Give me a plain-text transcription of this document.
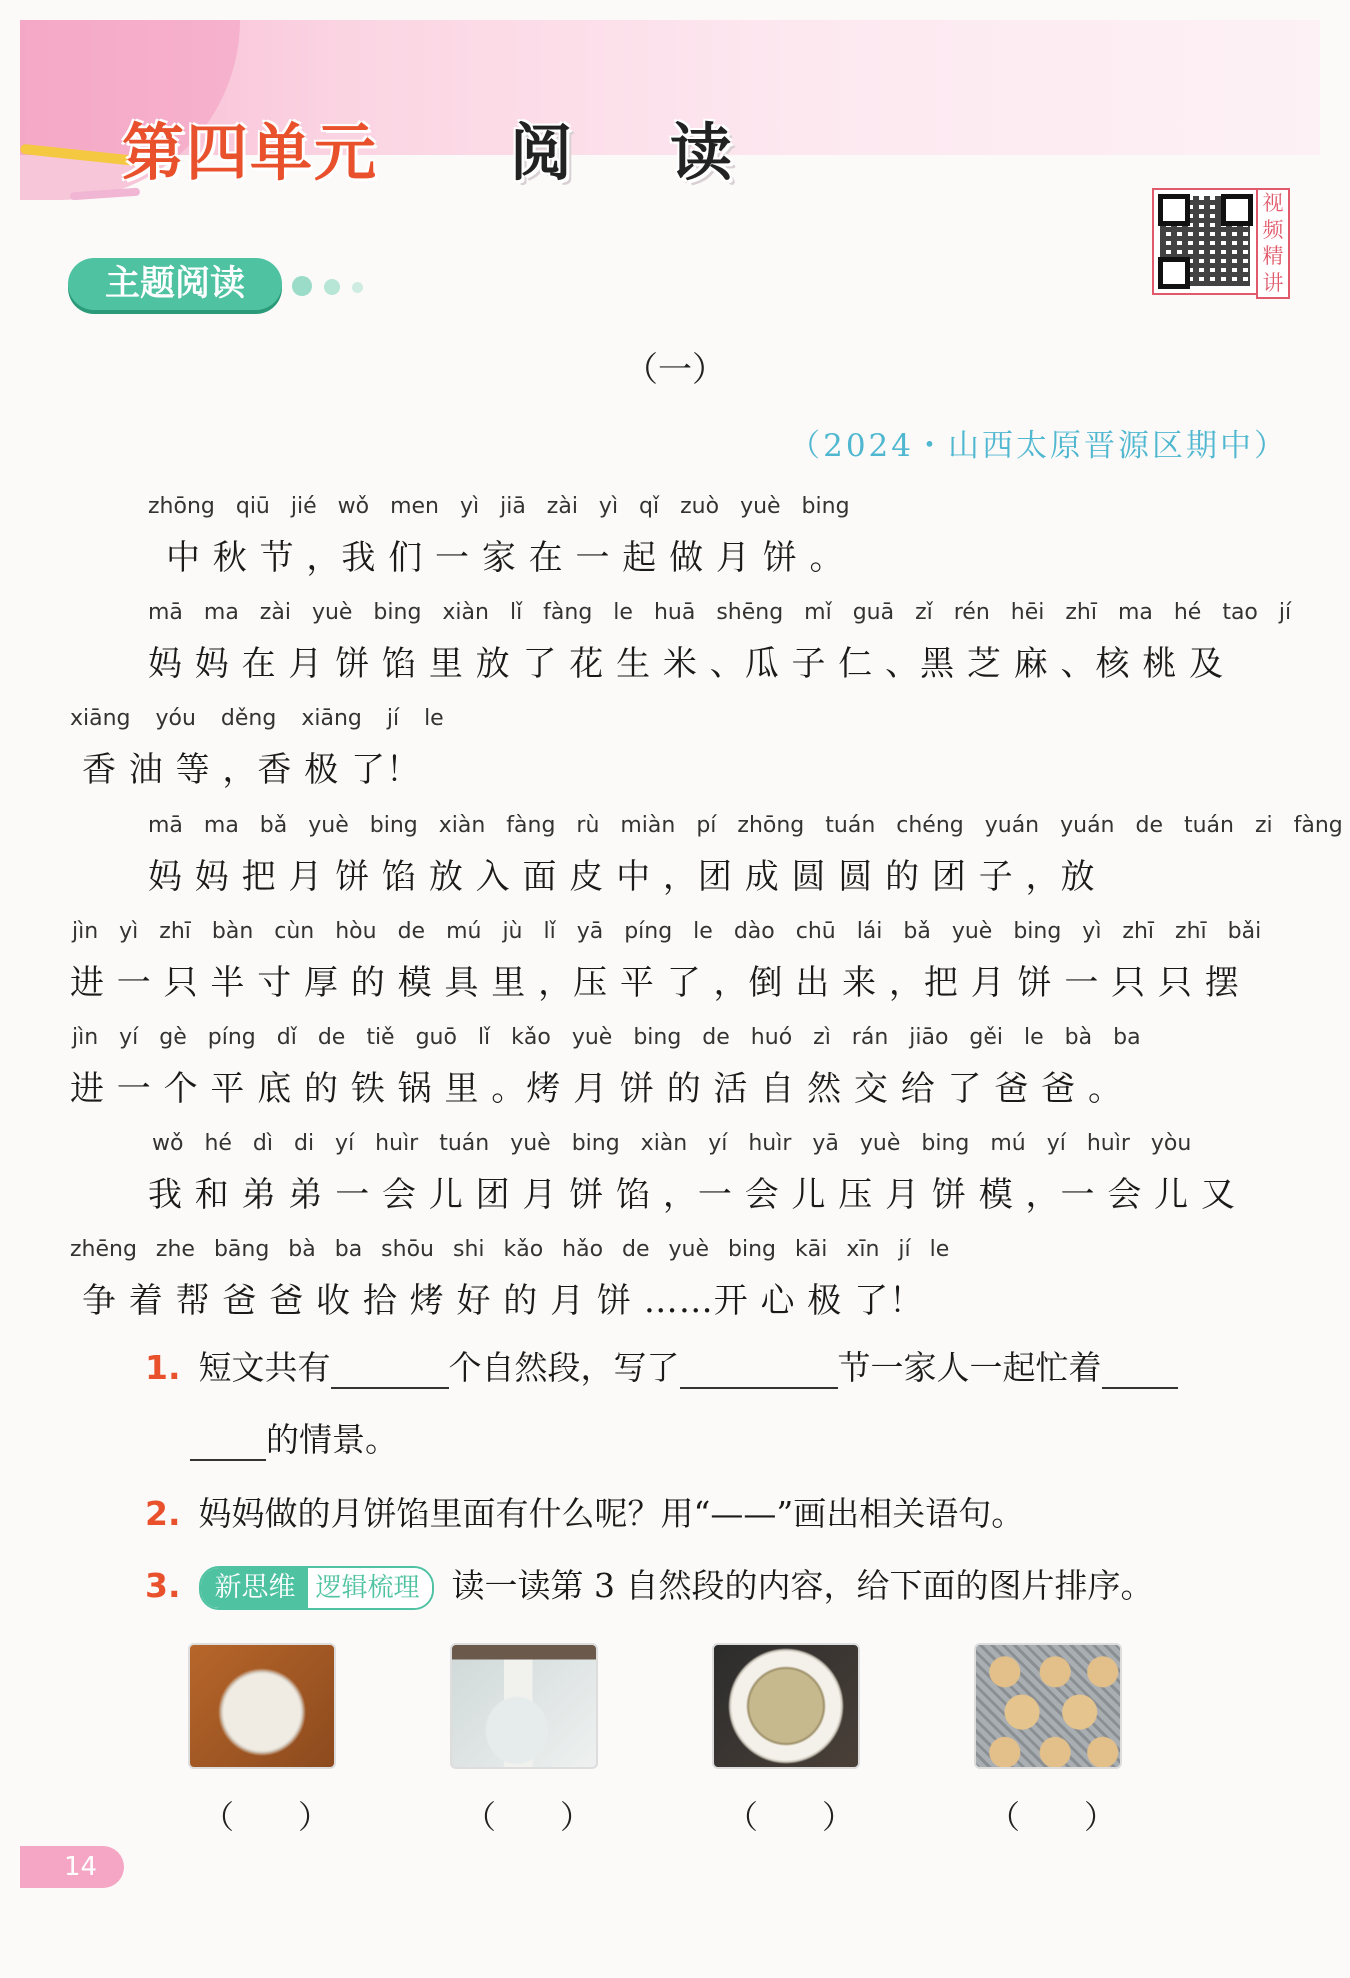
第四单元 阅 读
视
频
精
讲
主题阅读
（一）
（2024・山西太原晋源区期中）
zhōng qiū jié wǒ men yì jiā zài yì qǐ zuò yuè bing
中 秋 节 ，我 们 一 家 在 一 起 做 月 饼 。
mā ma zài yuè bing xiàn lǐ fàng le huā shēng mǐ guā zǐ rén hēi zhī ma hé tao jí
妈 妈 在 月 饼 馅 里 放 了 花 生 米 、瓜 子 仁 、黑 芝 麻 、核 桃 及
xiāng yóu děng xiāng jí le
香 油 等 ，香 极 了！
mā ma bǎ yuè bing xiàn fàng rù miàn pí zhōng tuán chéng yuán yuán de tuán zi fàng
妈 妈 把 月 饼 馅 放 入 面 皮 中 ，团 成 圆 圆 的 团 子 ，放
jìn yì zhī bàn cùn hòu de mú jù lǐ yā píng le dào chū lái bǎ yuè bing yì zhī zhī bǎi
进 一 只 半 寸 厚 的 模 具 里 ，压 平 了 ，倒 出 来 ，把 月 饼 一 只 只 摆
jìn yí gè píng dǐ de tiě guō lǐ kǎo yuè bing de huó zì rán jiāo gěi le bà ba
进 一 个 平 底 的 铁 锅 里 。烤 月 饼 的 活 自 然 交 给 了 爸 爸 。
wǒ hé dì di yí huìr tuán yuè bing xiàn yí huìr yā yuè bing mú yí huìr yòu
我 和 弟 弟 一 会 儿 团 月 饼 馅 ，一 会 儿 压 月 饼 模 ，一 会 儿 又
zhēng zhe bāng bà ba shōu shi kǎo hǎo de yuè bing kāi xīn jí le
争 着 帮 爸 爸 收 拾 烤 好 的 月 饼 ……开 心 极 了！
1. 短文共有	个自然段，写了	节一家人一起忙着
的情景。
2. 妈妈做的月饼馅里面有什么呢？用“——”画出相关语句。
3. 新思维 逻辑梳理 读一读第 3 自然段的内容，给下面的图片排序。
（　　）	（　　）	（　　）	（　　）
14
